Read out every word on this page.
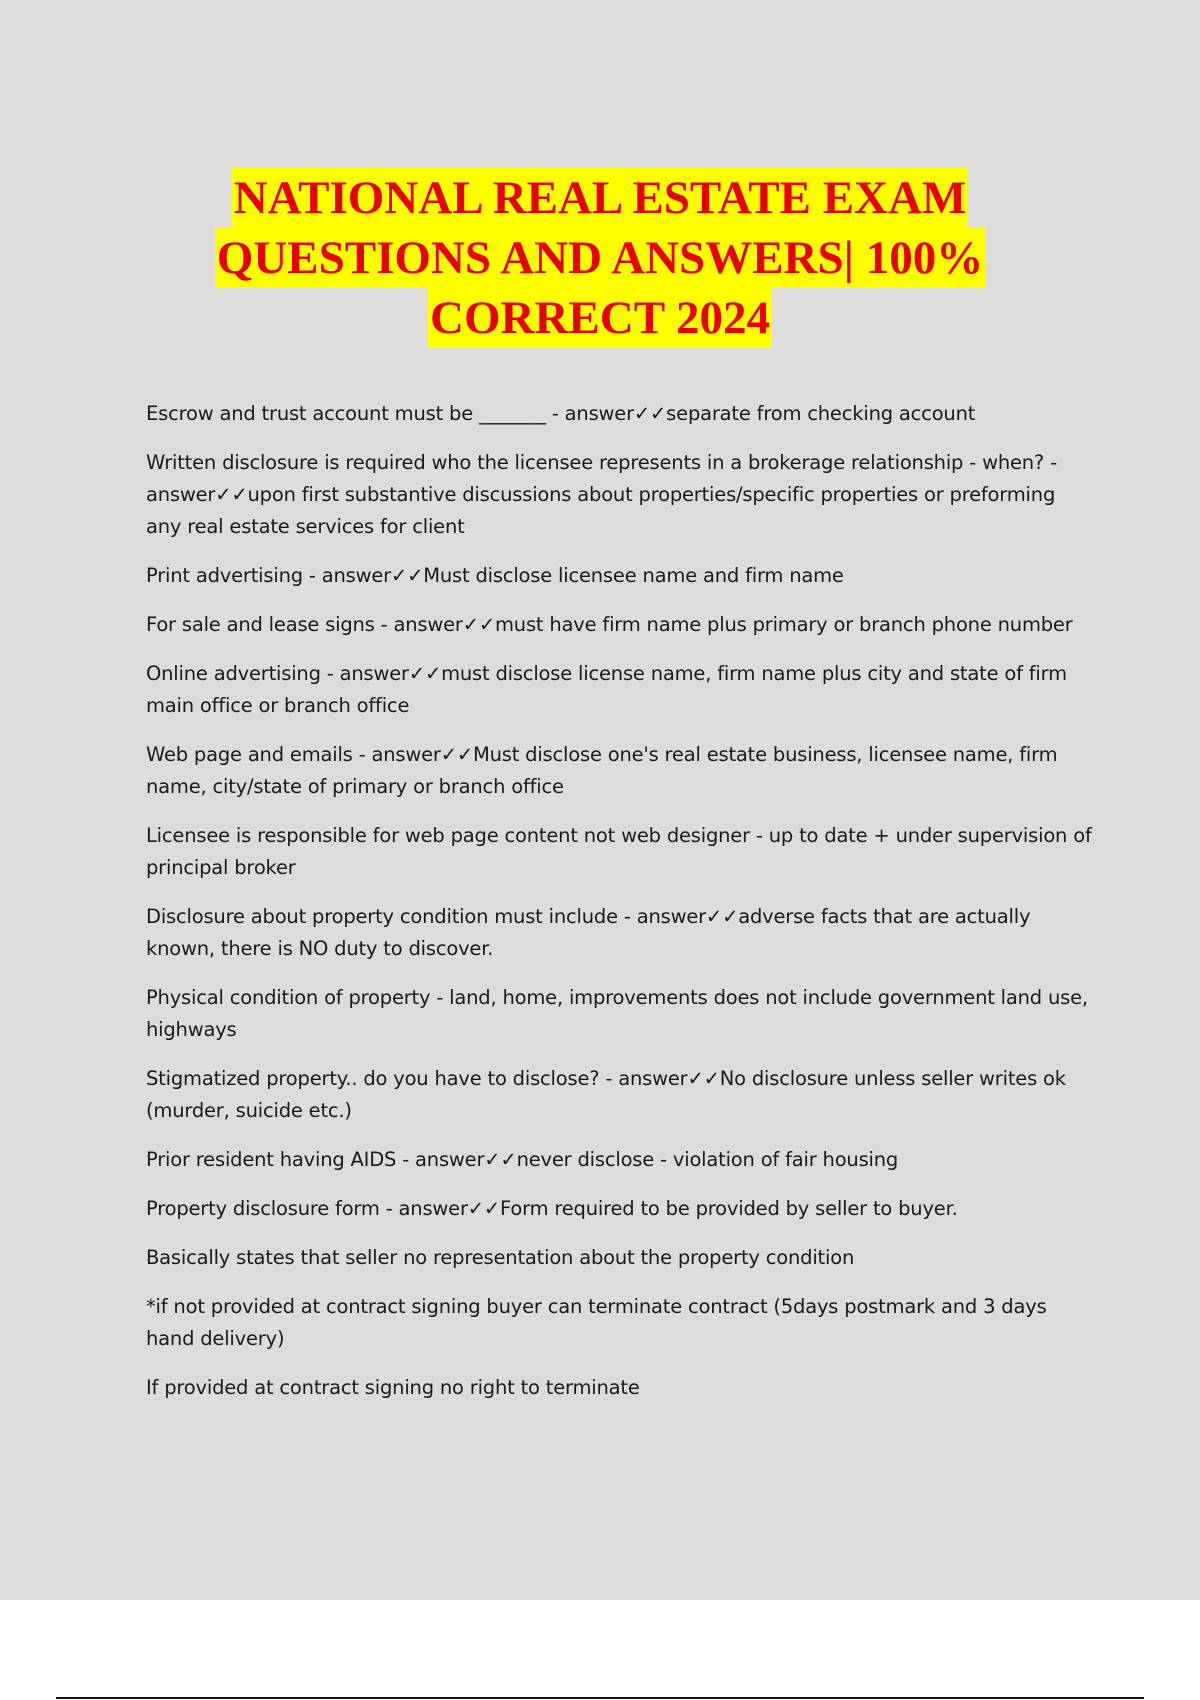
NATIONAL REAL ESTATE EXAM
QUESTIONS AND ANSWERS| 100%
CORRECT 2024
Escrow and trust account must be _______ - answer✓✓separate from checking account
Written disclosure is required who the licensee represents in a brokerage relationship - when? - answer✓✓upon first substantive discussions about properties/specific properties or preforming any real estate services for client
Print advertising - answer✓✓Must disclose licensee name and firm name
For sale and lease signs - answer✓✓must have firm name plus primary or branch phone number
Online advertising - answer✓✓must disclose license name, firm name plus city and state of firm main office or branch office
Web page and emails - answer✓✓Must disclose one's real estate business, licensee name, firm name, city/state of primary or branch office
Licensee is responsible for web page content not web designer - up to date + under supervision of principal broker
Disclosure about property condition must include - answer✓✓adverse facts that are actually known, there is NO duty to discover.
Physical condition of property - land, home, improvements does not include government land use, highways
Stigmatized property.. do you have to disclose? - answer✓✓No disclosure unless seller writes ok (murder, suicide etc.)
Prior resident having AIDS - answer✓✓never disclose - violation of fair housing
Property disclosure form - answer✓✓Form required to be provided by seller to buyer.
Basically states that seller no representation about the property condition
*if not provided at contract signing buyer can terminate contract (5days postmark and 3 days hand delivery)
If provided at contract signing no right to terminate
